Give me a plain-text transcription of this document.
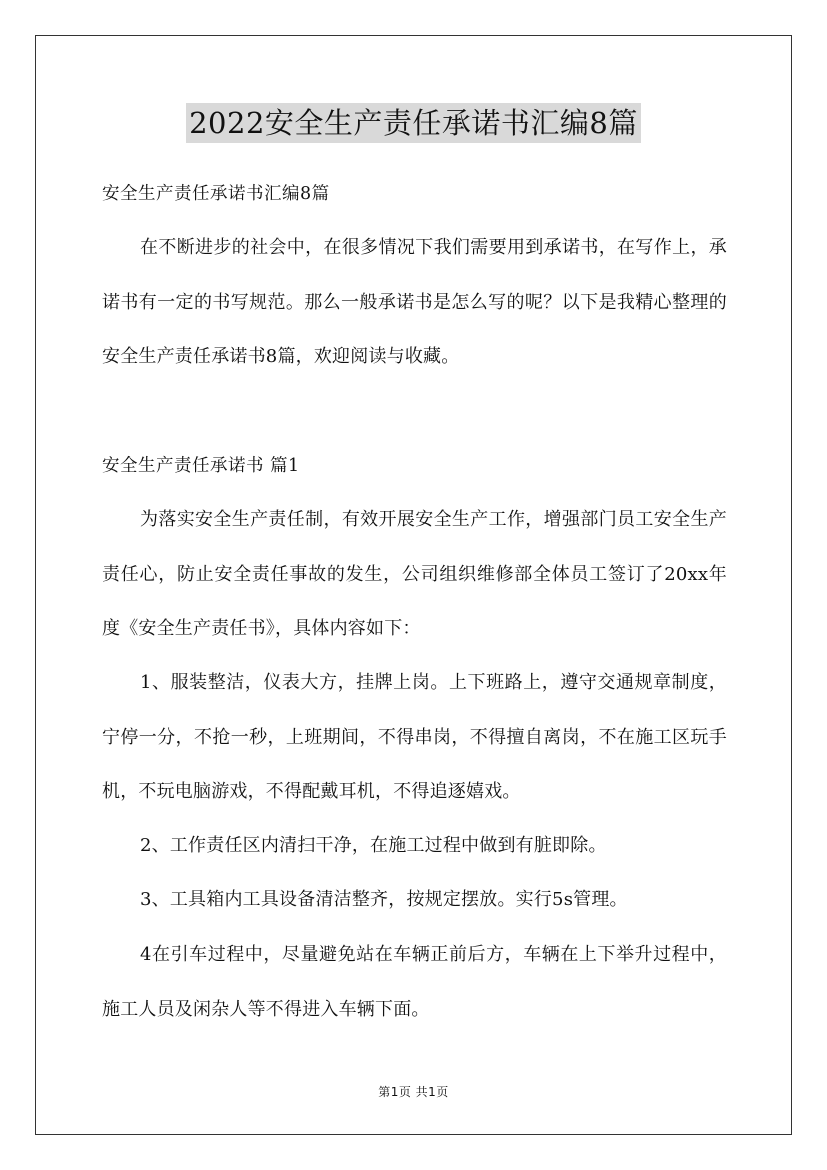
2022安全生产责任承诺书汇编8篇
安全生产责任承诺书汇编8篇

在不断进步的社会中，在很多情况下我们需要用到承诺书，在写作上，承诺书有一定的书写规范。那么一般承诺书是怎么写的呢？以下是我精心整理的安全生产责任承诺书8篇，欢迎阅读与收藏。

安全生产责任承诺书 篇1

为落实安全生产责任制，有效开展安全生产工作，增强部门员工安全生产责任心，防止安全责任事故的发生，公司组织维修部全体员工签订了20xx年度《安全生产责任书》，具体内容如下：

1、服装整洁，仪表大方，挂牌上岗。上下班路上，遵守交通规章制度，宁停一分，不抢一秒，上班期间，不得串岗，不得擅自离岗，不在施工区玩手机，不玩电脑游戏，不得配戴耳机，不得追逐嬉戏。

2、工作责任区内清扫干净，在施工过程中做到有脏即除。

3、工具箱内工具设备清洁整齐，按规定摆放。实行5s管理。

4在引车过程中，尽量避免站在车辆正前后方，车辆在上下举升过程中，施工人员及闲杂人等不得进入车辆下面。

第1页 共1页
